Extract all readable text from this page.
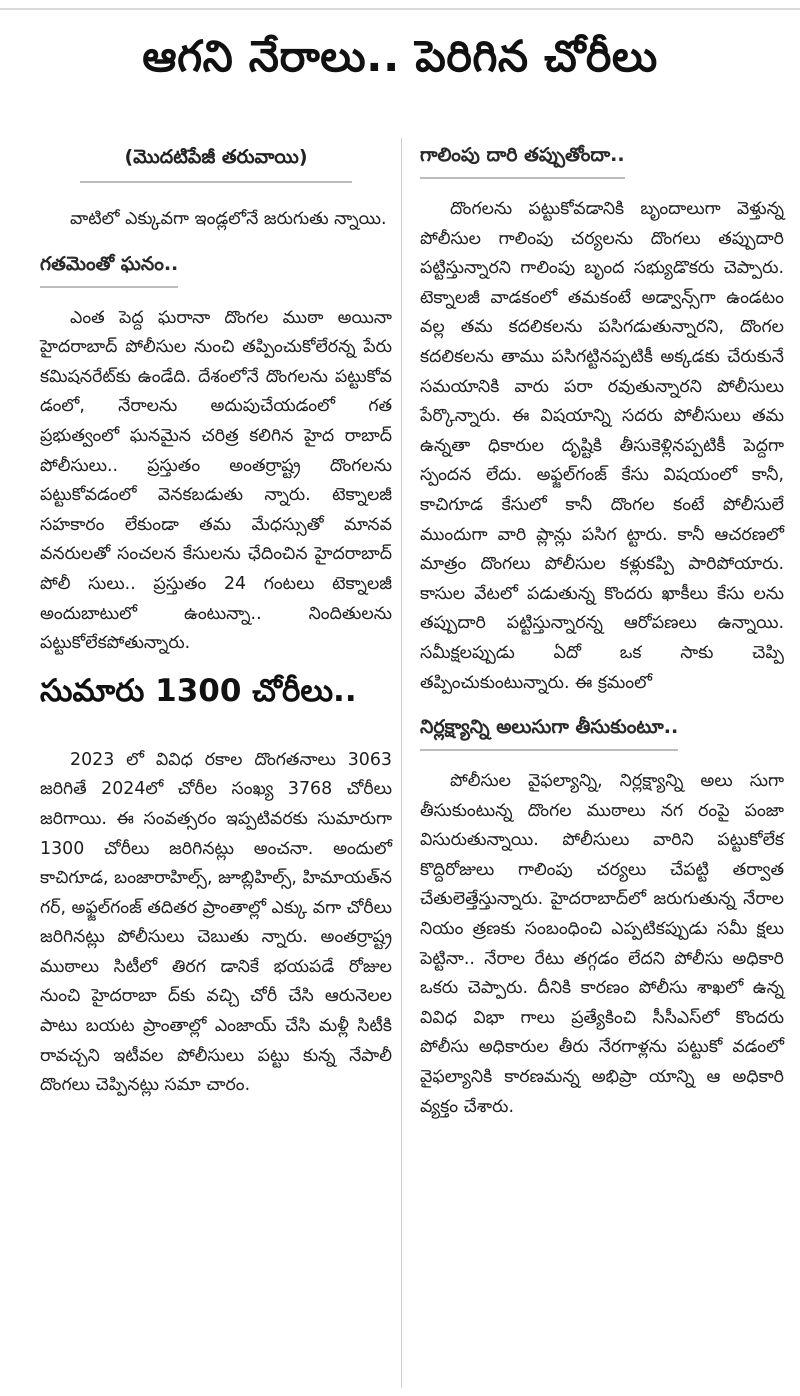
ఆగని నేరాలు.. పెరిగిన చోరీలు
(మొదటిపేజీ తరువాయి)

వాటిలో ఎక్కువగా ఇండ్లలోనే జరుగుతు న్నాయి.

గతమెంతో ఘనం..

ఎంత పెద్ద ఘరానా దొంగల ముఠా అయినా హైదరాబాద్‌ పోలీసుల నుంచి తప్పించుకోలేరన్న పేరు కమిషనరేట్‌కు ఉండేది. దేశంలోనే దొంగలను పట్టుకోవ డంలో, నేరాలను అదుపుచేయడంలో గత ప్రభుత్వంలో ఘనమైన చరిత్ర కలిగిన హైద రాబాద్‌ పోలీసులు.. ప్రస్తుతం అంతర్రాష్ట్ర దొంగలను పట్టుకోవడంలో వెనకబడుతు న్నారు. టెక్నాలజీ సహకారం లేకుండా తమ మేధస్సుతో మానవ వనరులతో సంచలన కేసులను ఛేదించిన హైదరాబాద్‌ పోలీ సులు.. ప్రస్తుతం 24 గంటలు టెక్నాలజీ అందుబాటులో ఉంటున్నా.. నిందితులను పట్టుకోలేకపోతున్నారు.

సుమారు 1300 చోరీలు..

2023 లో వివిధ రకాల దొంగతనాలు 3063 జరిగితే 2024లో చోరీల సంఖ్య 3768 చోరీలు జరిగాయి. ఈ సంవత్సరం ఇప్పటివరకు సుమారుగా 1300 చోరీలు జరిగినట్లు అంచనా. అందులో కాచిగూడ, బంజారాహిల్స్‌, జూబ్లిహిల్స్‌, హిమాయత్‌న గర్‌, అఫ్జల్‌గంజ్‌ తదితర ప్రాంతాల్లో ఎక్కు వగా చోరీలు జరిగినట్లు పోలీసులు చెబుతు న్నారు. అంతర్రాష్ట్ర ముఠాలు సిటీలో తిరగ డానికే భయపడే రోజుల నుంచి హైదరాబా ద్‌కు వచ్చి చోరీ చేసి ఆరునెలల పాటు బయట ప్రాంతాల్లో ఎంజాయ్‌ చేసి మళ్లీ సిటీకి రావచ్చని ఇటీవల పోలీసులు పట్టు కున్న నేపాలీ దొంగలు చెప్పినట్లు సమా చారం.

గాలింపు దారి తప్పుతోందా..

దొంగలను పట్టుకోవడానికి బృందాలుగా వెళ్తున్న పోలీసుల గాలింపు చర్యలను దొంగలు తప్పుదారి పట్టిస్తున్నారని గాలింపు బృంద సభ్యుడొకరు చెప్పారు. టెక్నాలజీ వాడకంలో తమకంటే అడ్వాన్స్‌గా ఉండటం వల్ల తమ కదలికలను పసిగడుతున్నారని, దొంగల కదలికలను తాము పసిగట్టినప్పటికీ అక్కడకు చేరుకునే సమయానికి వారు పరా రవుతున్నారని పోలీసులు పేర్కొన్నారు. ఈ విషయాన్ని సదరు పోలీసులు తమ ఉన్నతా ధికారుల దృష్టికి తీసుకెళ్లినప్పటికీ పెద్దగా స్పందన లేదు. అఫ్జల్‌గంజ్‌ కేసు విషయంలో కానీ, కాచిగూడ కేసులో కానీ దొంగల కంటే పోలీసులే ముందుగా వారి ప్లాన్లు పసిగ ట్టారు. కానీ ఆచరణలో మాత్రం దొంగలు పోలీసుల కళ్లుకప్పి పారిపోయారు. కాసుల వేటలో పడుతున్న కొందరు ఖాకీలు కేసు లను తప్పుదారి పట్టిస్తున్నారన్న ఆరోపణలు ఉన్నాయి. సమీక్షలప్పుడు ఏదో ఒక సాకు చెప్పి తప్పించుకుంటున్నారు. ఈ క్రమంలో

నిర్లక్ష్యాన్ని అలుసుగా తీసుకుంటూ..

పోలీసుల వైఫల్యాన్ని, నిర్లక్ష్యాన్ని అలు సుగా తీసుకుంటున్న దొంగల ముఠాలు నగ రంపై పంజా విసురుతున్నాయి. పోలీసులు వారిని పట్టుకోలేక కొద్దిరోజులు గాలింపు చర్యలు చేపట్టి తర్వాత చేతులెత్తేస్తున్నారు. హైదరాబాద్‌లో జరుగుతున్న నేరాల నియం త్రణకు సంబంధించి ఎప్పటికప్పుడు సమీ క్షలు పెట్టినా.. నేరాల రేటు తగ్గడం లేదని పోలీసు అధికారి ఒకరు చెప్పారు. దీనికి కారణం పోలీసు శాఖలో ఉన్న వివిధ విభా గాలు ప్రత్యేకించి సీసీఎస్‌లో కొందరు పోలీసు అధికారుల తీరు నేరగాళ్లను పట్టుకో వడంలో వైఫల్యానికి కారణమన్న అభిప్రా యాన్ని ఆ అధికారి వ్యక్తం చేశారు.
